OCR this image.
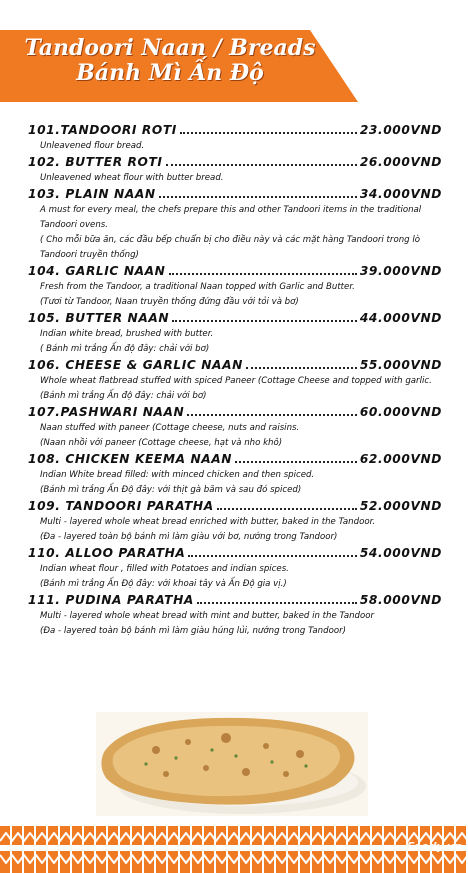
Tandoori Naan / Breads
Bánh Mì Ấn Độ
101.TANDOORI ROTI	23.000VND

Unleavened flour bread.

102. BUTTER ROTI	26.000VND

Unleavened wheat flour with butter bread.

103. PLAIN NAAN	34.000VND

A must for every meal, the chefs prepare this and other Tandoori items in the traditional Tandoori ovens.

( Cho mỗi bữa ăn, các đầu bếp chuẩn bị cho điều này và các mặt hàng Tandoori trong lò Tandoori truyền thống)

104. GARLIC NAAN	39.000VND

Fresh from the Tandoor, a traditional Naan topped with Garlic and Butter.

(Tươi từ Tandoor, Naan truyền thống đứng đầu với tỏi và bơ)

105. BUTTER NAAN	44.000VND

Indian white bread, brushed with butter.

( Bánh mì trắng Ấn độ đây: chải với bơ)

106. CHEESE & GARLIC NAAN	55.000VND

Whole wheat flatbread stuffed with spiced Paneer (Cottage Cheese and topped with garlic. (Bánh mì trắng Ấn độ đây: chải với bơ)

107.PASHWARI NAAN	60.000VND

Naan stuffed with paneer (Cottage cheese, nuts and raisins.

(Naan nhồi với paneer (Cottage cheese, hạt và nho khô)

108. CHICKEN KEEMA NAAN	62.000VND

Indian White bread filled: with minced chicken and then spiced.

(Bánh mì trắng Ấn Độ đây: với thịt gà băm và sau đó spiced)

109. TANDOORI PARATHA	52.000VND

Multi - layered whole wheat bread enriched with butter, baked in the Tandoor.

(Đa - layered toàn bộ bánh mì làm giàu với bơ, nướng trong Tandoor)

110. ALLOO PARATHA	54.000VND

Indian wheat flour , filled with Potatoes and indian spices.

(Bánh mì trắng Ấn Độ đây: với khoai tây và Ấn Độ gia vị.)

111. PUDINA PARATHA	58.000VND

Multi - layered whole wheat bread with mint and butter, baked in the Tandoor

(Đa - layered toàn bộ bánh mì làm giàu húng lủi, nướng trong Tandoor)

Foody.vn
